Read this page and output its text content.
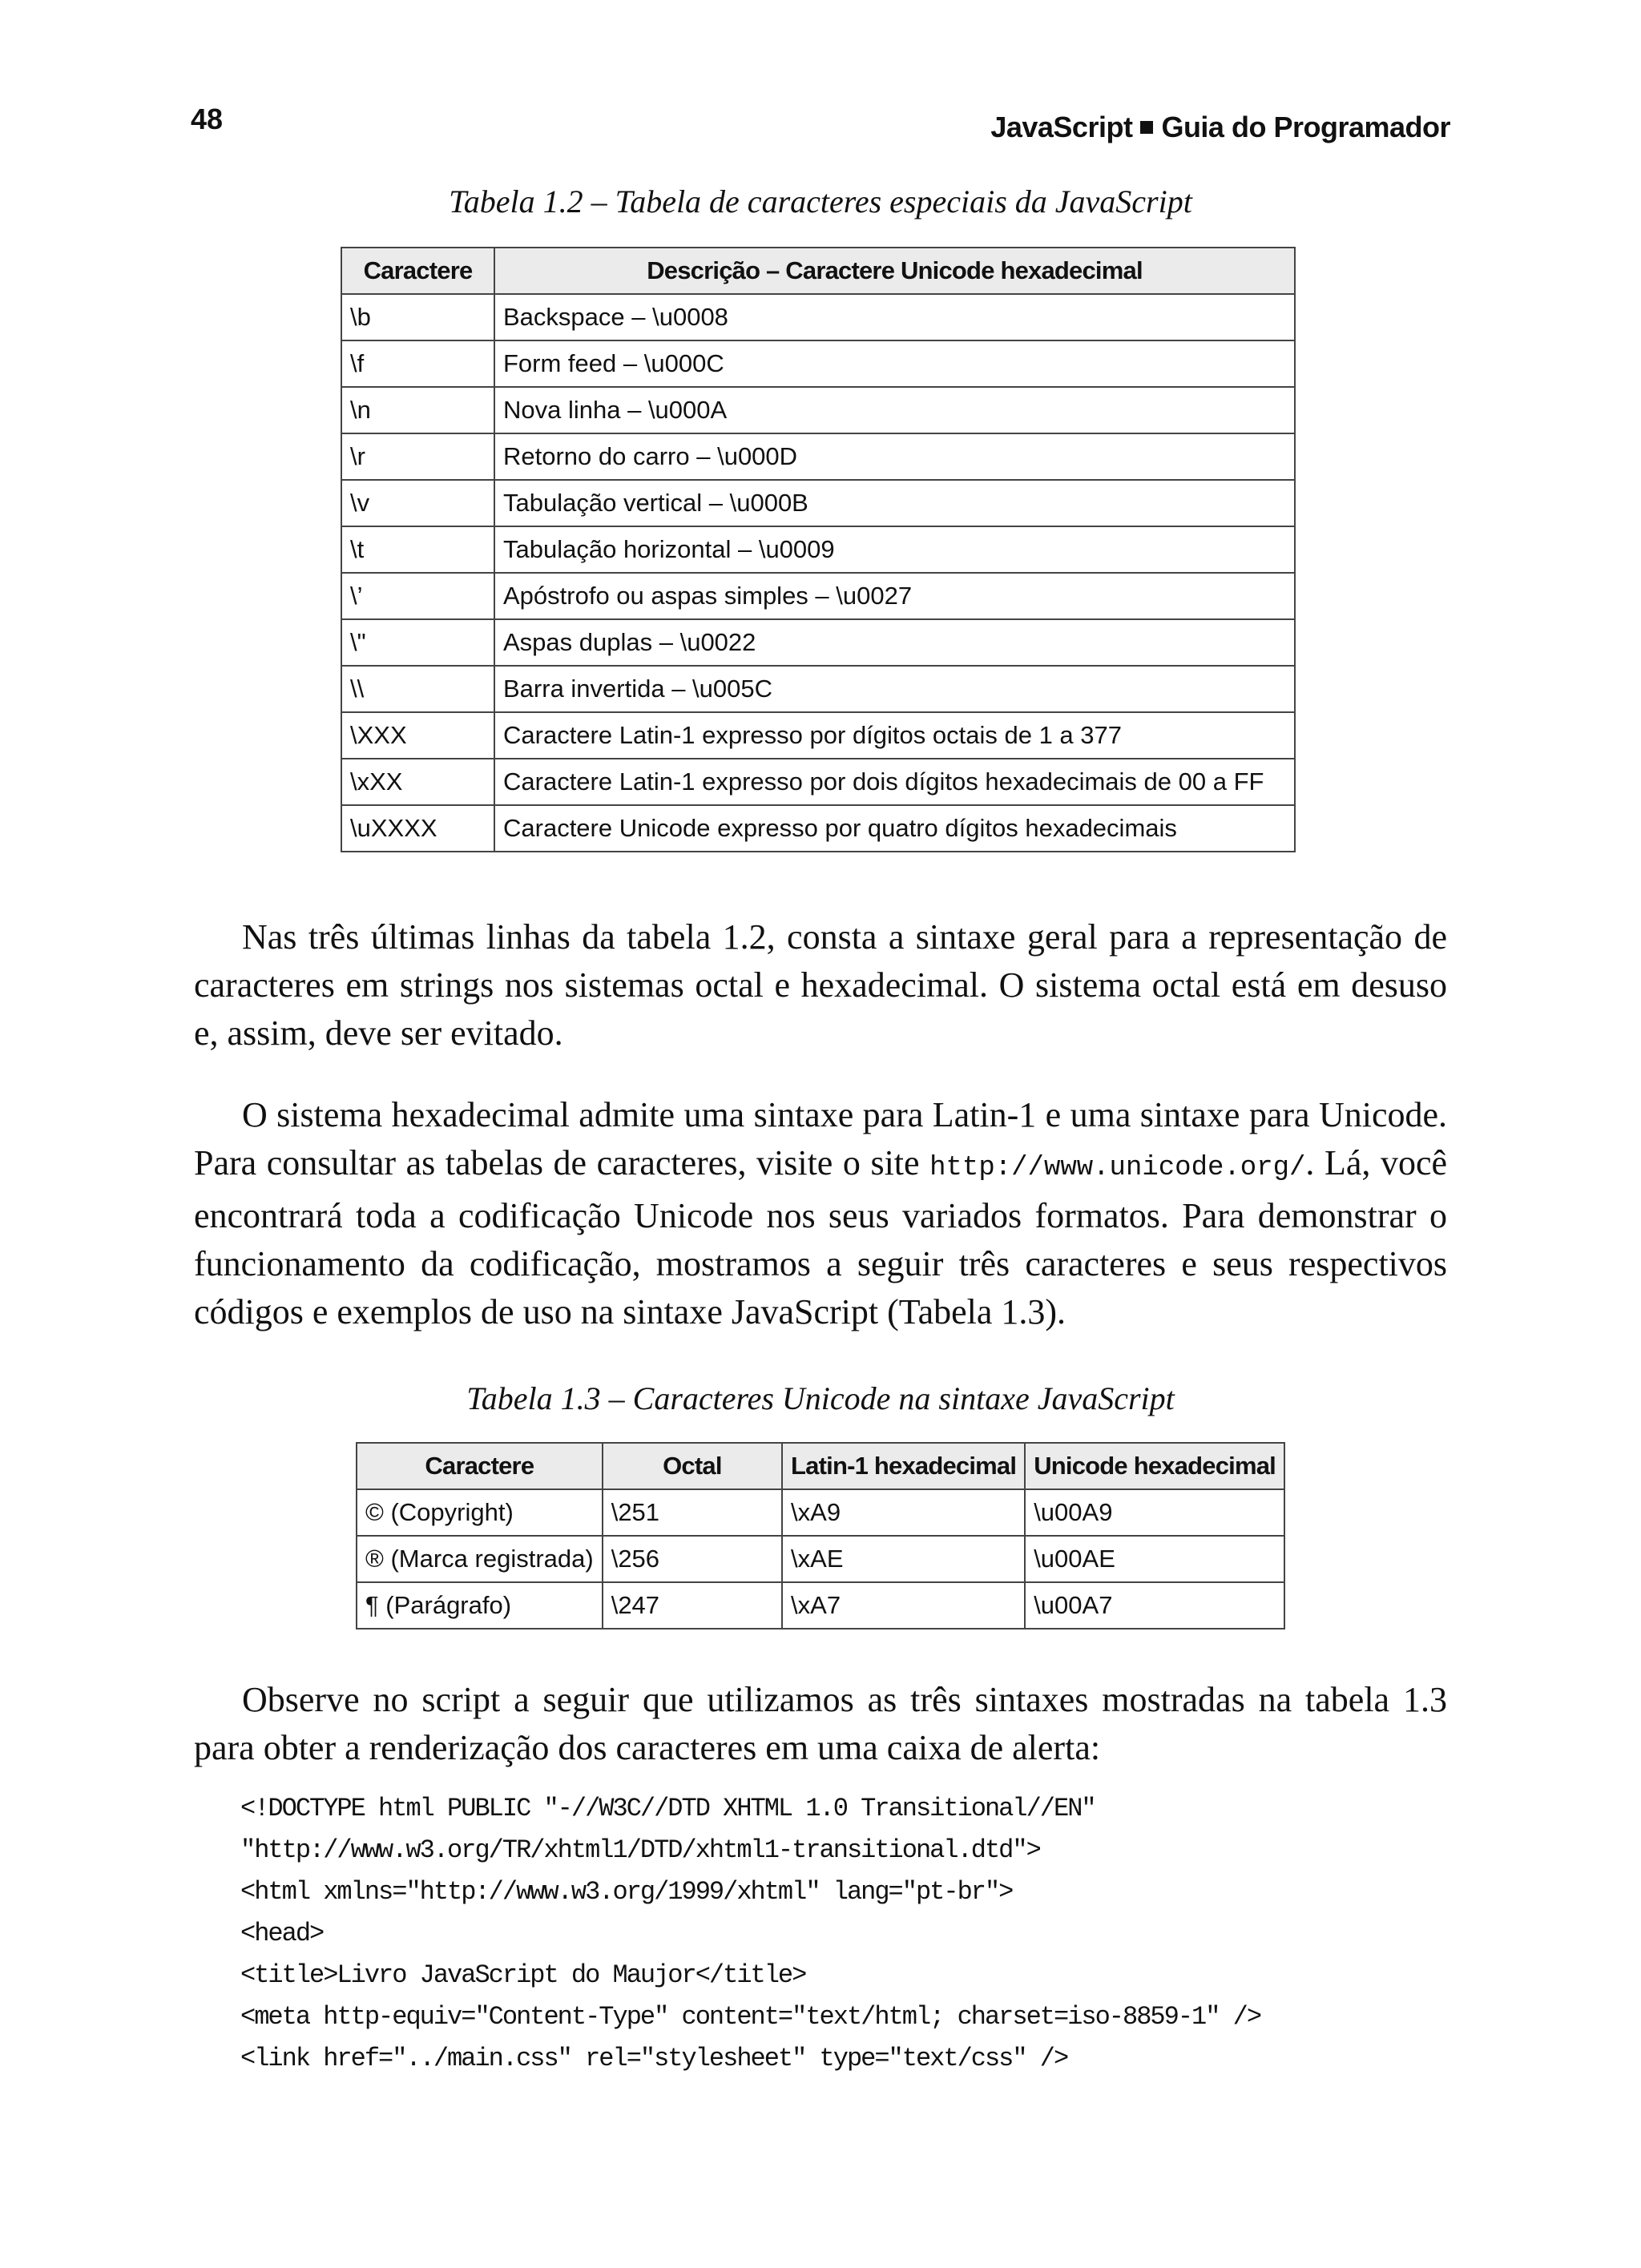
48	JavaScript Guia do Programador
Tabela 1.2 – Tabela de caracteres especiais da JavaScript
Caractere	Descrição – Caractere Unicode hexadecimal
\b	Backspace – \u0008
\f	Form feed – \u000C
\n	Nova linha – \u000A
\r	Retorno do carro – \u000D
\v	Tabulação vertical – \u000B
\t	Tabulação horizontal – \u0009
\’	Apóstrofo ou aspas simples – \u0027
\"	Aspas duplas – \u0022
\\	Barra invertida – \u005C
\XXX	Caractere Latin-1 expresso por dígitos octais de 1 a 377
\xXX	Caractere Latin-1 expresso por dois dígitos hexadecimais de 00 a FF
\uXXXX	Caractere Unicode expresso por quatro dígitos hexadecimais

Nas três últimas linhas da tabela 1.2, consta a sintaxe geral para a representação de caracteres em strings nos sistemas octal e hexadecimal. O sistema octal está em desuso e, assim, deve ser evitado.

O sistema hexadecimal admite uma sintaxe para Latin-1 e uma sintaxe para Unicode. Para consultar as tabelas de caracteres, visite o site http://www.unicode.org/. Lá, você encontrará toda a codificação Unicode nos seus variados formatos. Para demonstrar o funcionamento da codificação, mostramos a seguir três caracteres e seus respectivos códigos e exemplos de uso na sintaxe JavaScript (Tabela 1.3).

Tabela 1.3 – Caracteres Unicode na sintaxe JavaScript
Caractere	Octal	Latin-1 hexadecimal	Unicode hexadecimal
© (Copyright)	\251	\xA9	\u00A9
® (Marca registrada)	\256	\xAE	\u00AE
¶ (Parágrafo)	\247	\xA7	\u00A7

Observe no script a seguir que utilizamos as três sintaxes mostradas na tabela 1.3 para obter a renderização dos caracteres em uma caixa de alerta:

<!DOCTYPE html PUBLIC "-//W3C//DTD XHTML 1.0 Transitional//EN"
"http://www.w3.org/TR/xhtml1/DTD/xhtml1-transitional.dtd">
<html xmlns="http://www.w3.org/1999/xhtml" lang="pt-br">
<head>
<title>Livro JavaScript do Maujor</title>
<meta http-equiv="Content-Type" content="text/html; charset=iso-8859-1" />
<link href="../main.css" rel="stylesheet" type="text/css" />
